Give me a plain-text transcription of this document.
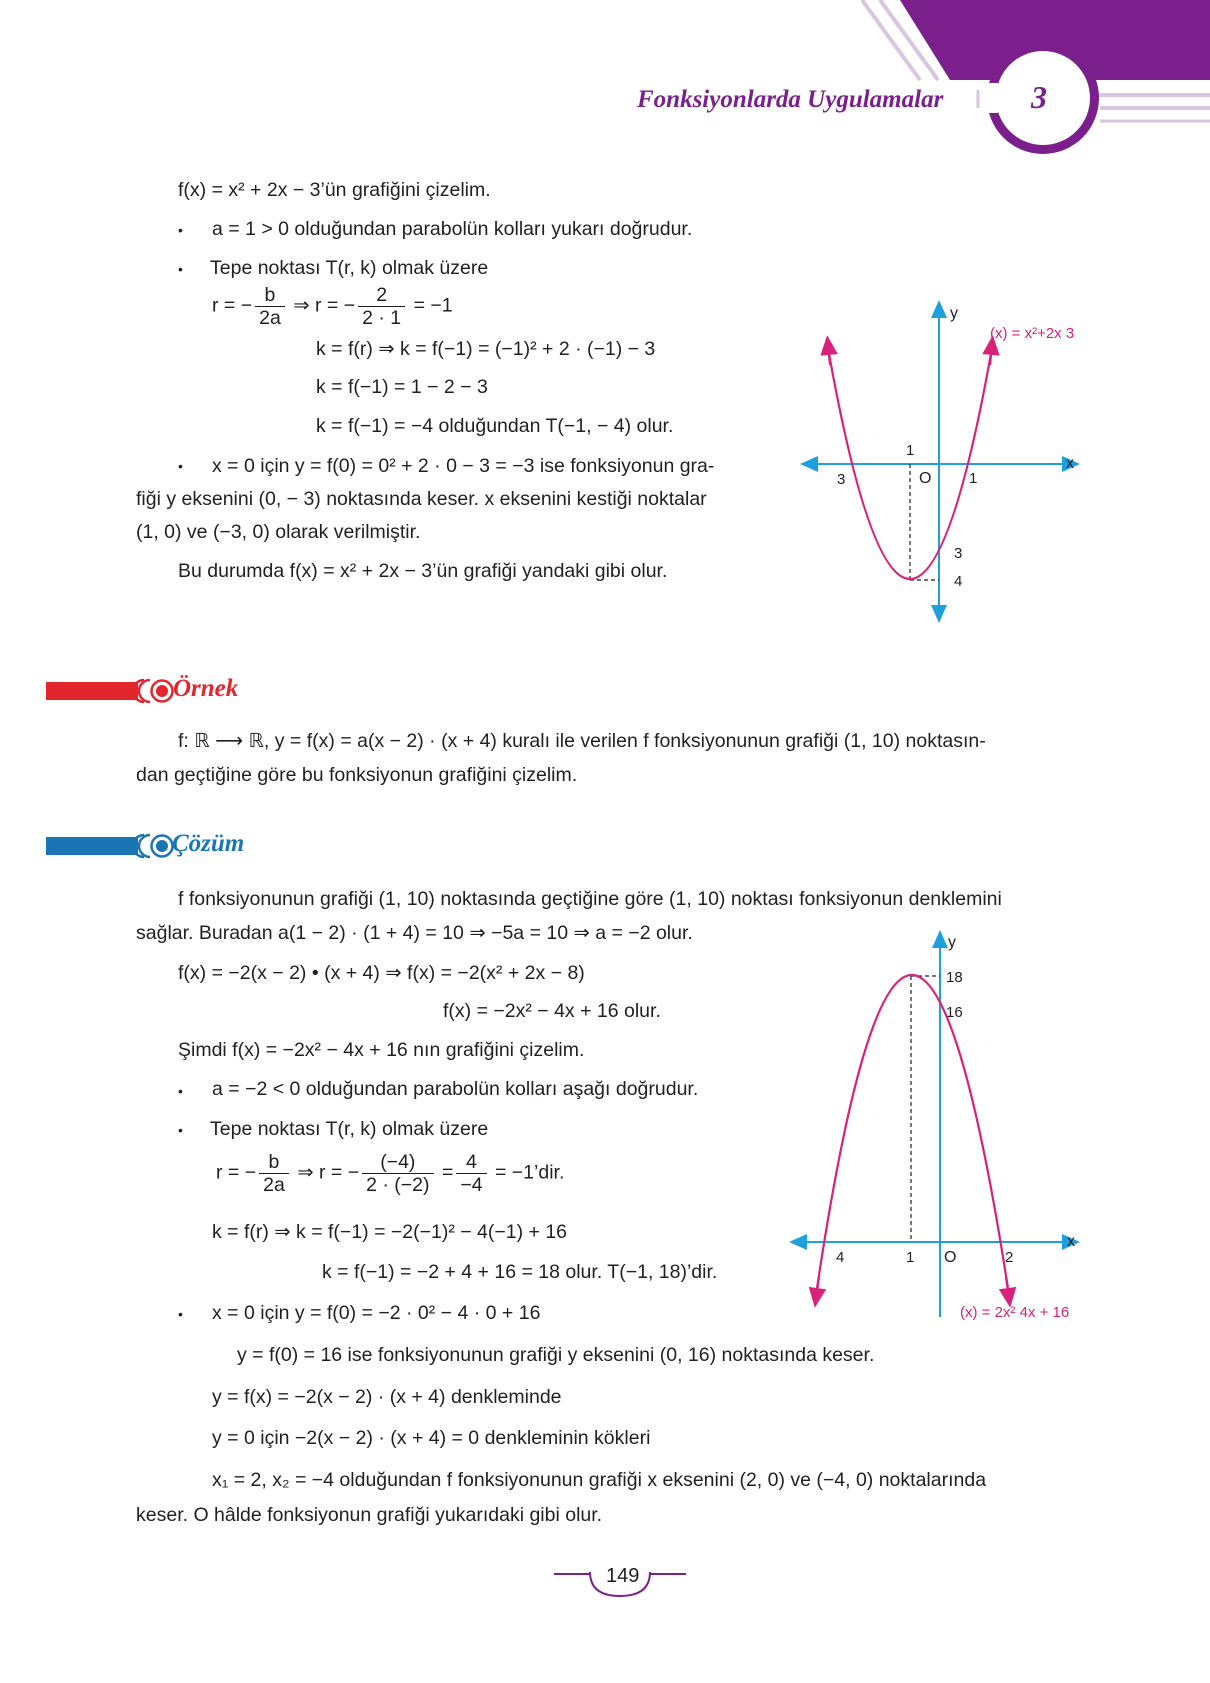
Fonksiyonlarda Uygulamalar	3
f(x) = x² + 2x − 3’ün grafiğini çizelim.
• a = 1 > 0 olduğundan parabolün kolları yukarı doğrudur.
• Tepe noktası T(r, k) olmak üzere
r = − $\frac{b}{2a}$ ⇒ r = − $\frac{2}{2 \cdot 1} = -1$
k = f(r) ⇒ k = f(−1) = (−1)² + 2 · (−1) − 3
k = f(−1) = 1 − 2 − 3
k = f(−1) = −4 olduğundan T(−1, − 4) olur.
• x = 0 için y = f(0) = 0² + 2 · 0 − 3 = −3 ise fonksiyonun gra-
fiği y eksenini (0, − 3) noktasında keser. x eksenini kestiği noktalar
(1, 0) ve (−3, 0) olarak verilmiştir.
Bu durumda f(x) = x² + 2x − 3’ün grafiği yandaki gibi olur.
y
x
(x) = x²+2x 3
O
3
1
1
3
4
Örnek
f: ℝ ⟶ ℝ, y = f(x) = a(x − 2) · (x + 4) kuralı ile verilen f fonksiyonunun grafiği (1, 10) noktasın-
dan geçtiğine göre bu fonksiyonun grafiğini çizelim.
Çözüm
f fonksiyonunun grafiği (1, 10) noktasında geçtiğine göre (1, 10) noktası fonksiyonun denklemini
sağlar. Buradan a(1 − 2) · (1 + 4) = 10 ⇒ −5a = 10 ⇒ a = −2 olur.
f(x) = −2(x − 2) • (x + 4) ⇒ f(x) = −2(x² + 2x − 8)
f(x) = −2x² − 4x + 16 olur.
Şimdi f(x) = −2x² − 4x + 16 nın grafiğini çizelim.
• a = −2 < 0 olduğundan parabolün kolları aşağı doğrudur.
• Tepe noktası T(r, k) olmak üzere
r = − $\frac{b}{2a}$ ⇒ r = − $\frac{(-4)}{2 \cdot (-2)} = \frac{4}{-4}$ = −1’dir.
k = f(r) ⇒ k = f(−1) = −2(−1)² − 4(−1) + 16
k = f(−1) = −2 + 4 + 16 = 18 olur. T(−1, 18)’dir.
• x = 0 için y = f(0) = −2 · 0² − 4 · 0 + 16
y = f(0) = 16 ise fonksiyonunun grafiği y eksenini (0, 16) noktasında keser.
y = f(x) = −2(x − 2) · (x + 4) denkleminde
y = 0 için −2(x − 2) · (x + 4) = 0 denkleminin kökleri
x₁ = 2, x₂ = −4 olduğundan f fonksiyonunun grafiği x eksenini (2, 0) ve (−4, 0) noktalarında
keser. O hâlde fonksiyonun grafiği yukarıdaki gibi olur.
y
x
O
4	1	2
18
16
(x) = 2x² 4x + 16
149
